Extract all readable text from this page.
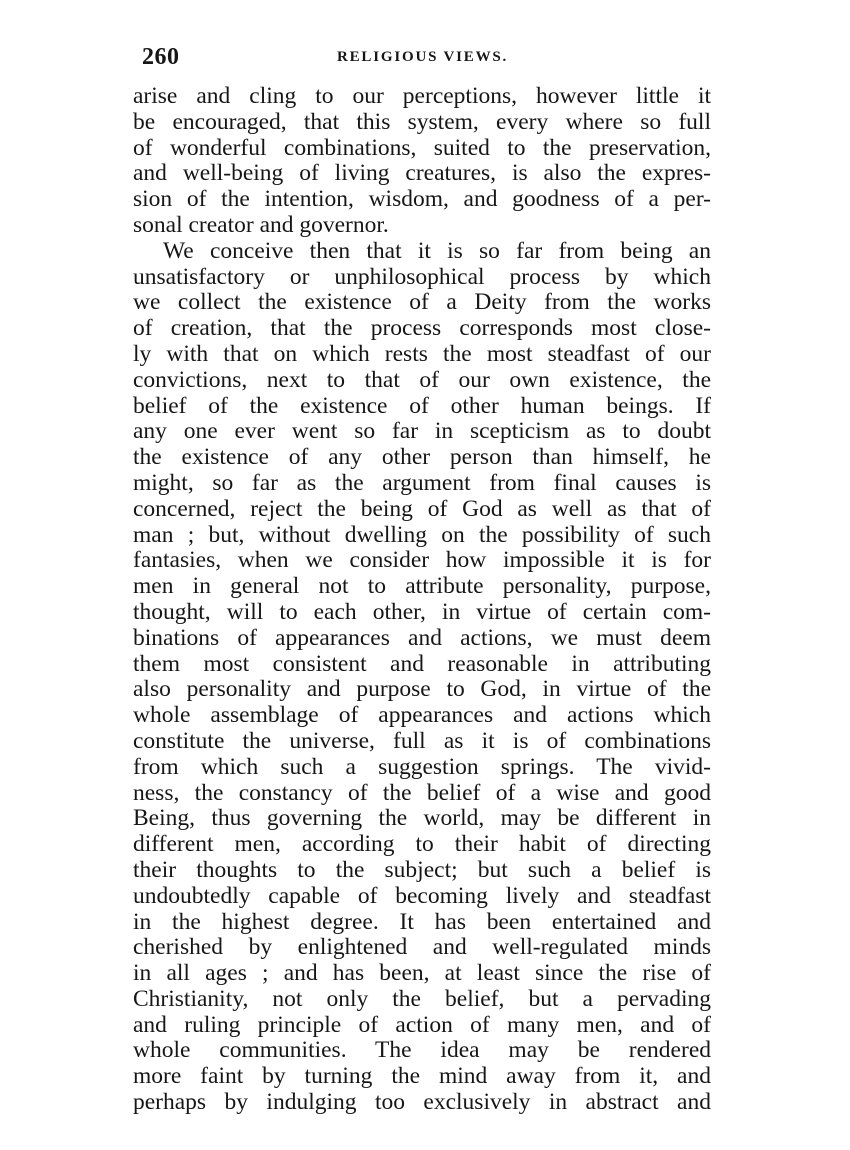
260	RELIGIOUS VIEWS.
arise and cling to our perceptions, however little it
be encouraged, that this system, every where so full
of wonderful combinations, suited to the preservation,
and well-being of living creatures, is also the expres-
sion of the intention, wisdom, and goodness of a per-
sonal creator and governor.
We conceive then that it is so far from being an
unsatisfactory or unphilosophical process by which
we collect the existence of a Deity from the works
of creation, that the process corresponds most close-
ly with that on which rests the most steadfast of our
convictions, next to that of our own existence, the
belief of the existence of other human beings. If
any one ever went so far in scepticism as to doubt
the existence of any other person than himself, he
might, so far as the argument from final causes is
concerned, reject the being of God as well as that of
man ; but, without dwelling on the possibility of such
fantasies, when we consider how impossible it is for
men in general not to attribute personality, purpose,
thought, will to each other, in virtue of certain com-
binations of appearances and actions, we must deem
them most consistent and reasonable in attributing
also personality and purpose to God, in virtue of the
whole assemblage of appearances and actions which
constitute the universe, full as it is of combinations
from which such a suggestion springs. The vivid-
ness, the constancy of the belief of a wise and good
Being, thus governing the world, may be different in
different men, according to their habit of directing
their thoughts to the subject; but such a belief is
undoubtedly capable of becoming lively and steadfast
in the highest degree. It has been entertained and
cherished by enlightened and well-regulated minds
in all ages ; and has been, at least since the rise of
Christianity, not only the belief, but a pervading
and ruling principle of action of many men, and of
whole communities. The idea may be rendered
more faint by turning the mind away from it, and
perhaps by indulging too exclusively in abstract and
